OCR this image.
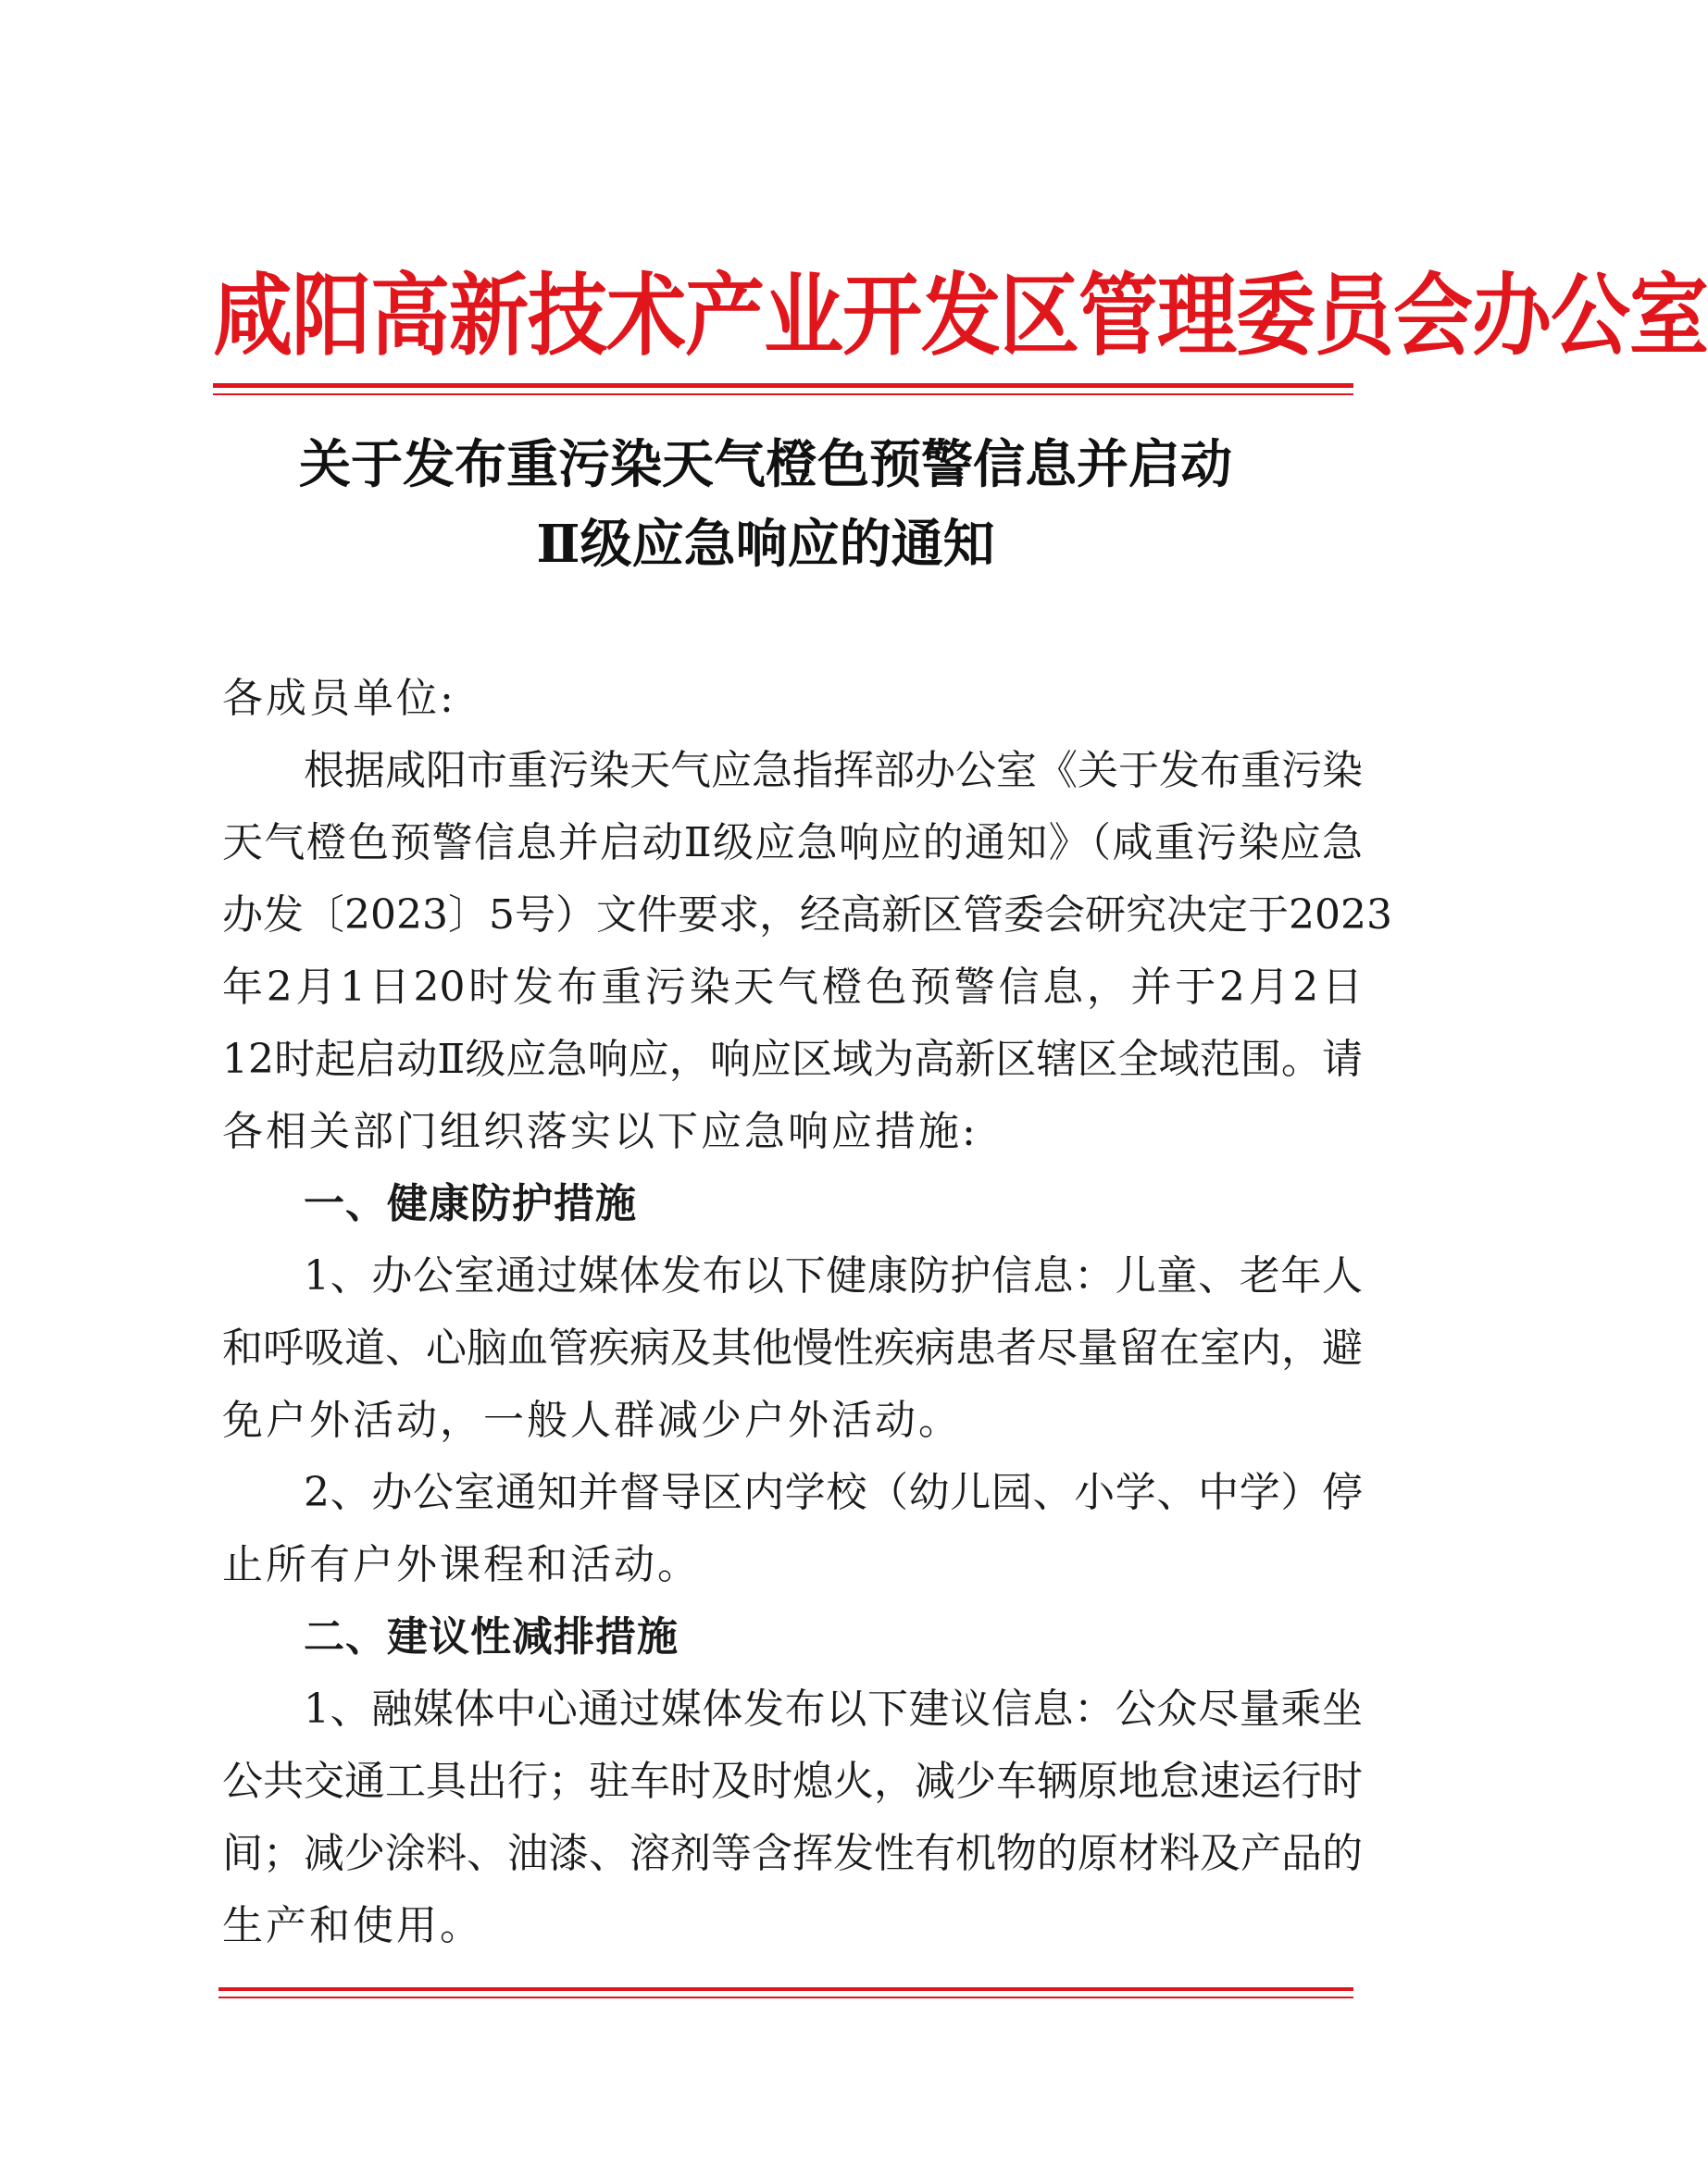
咸阳高新技术产业开发区管理委员会办公室
关于发布重污染天气橙色预警信息并启动
Ⅱ级应急响应的通知
各成员单位:
根据咸阳市重污染天气应急指挥部办公室《关于发布重污染
天气橙色预警信息并启动Ⅱ级应急响应的通知》（咸重污染应急
办发〔2023〕5号）文件要求，经高新区管委会研究决定于2023
年2月1日20时发布重污染天气橙色预警信息，并于2月2日
12时起启动Ⅱ级应急响应，响应区域为高新区辖区全域范围。请
各相关部门组织落实以下应急响应措施:
一、健康防护措施
1、办公室通过媒体发布以下健康防护信息：儿童、老年人
和呼吸道、心脑血管疾病及其他慢性疾病患者尽量留在室内，避
免户外活动，一般人群减少户外活动。
2、办公室通知并督导区内学校（幼儿园、小学、中学）停
止所有户外课程和活动。
二、建议性减排措施
1、融媒体中心通过媒体发布以下建议信息：公众尽量乘坐
公共交通工具出行；驻车时及时熄火，减少车辆原地怠速运行时
间；减少涂料、油漆、溶剂等含挥发性有机物的原材料及产品的
生产和使用。
